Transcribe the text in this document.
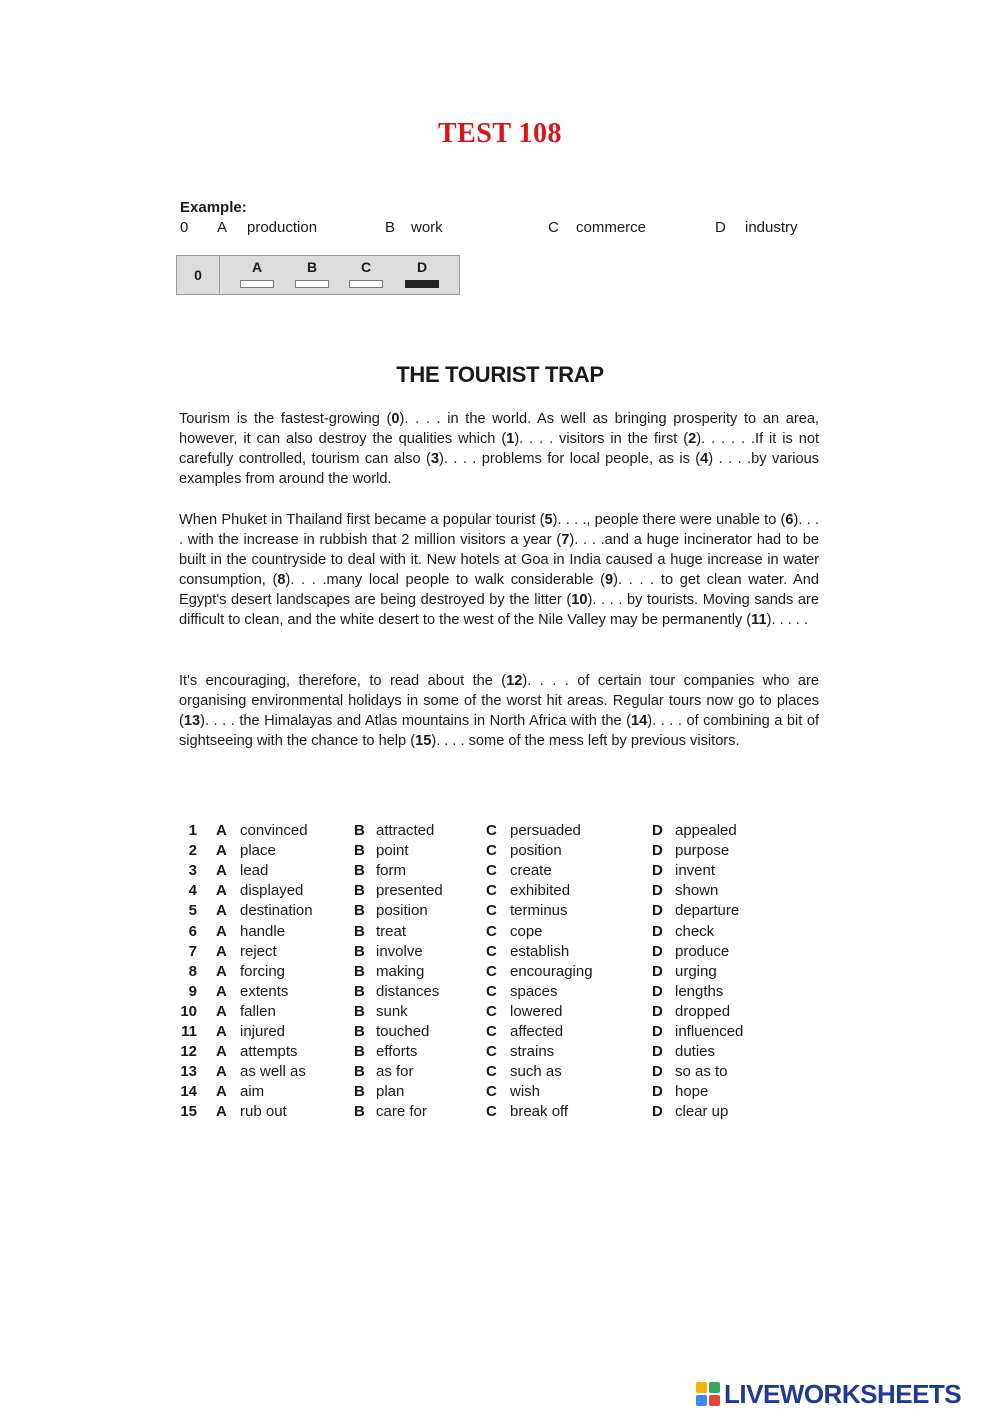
TEST 108
Example:
0 A production	B work	C commerce	D industry
0	A	B	C	D
THE TOURIST TRAP
Tourism is the fastest-growing (0). . . . in the world. As well as bringing prosperity to an area, however, it can also destroy the qualities which (1). . . . visitors in the first (2). . . . . .If it is not carefully controlled, tourism can also (3). . . . problems for local people, as is (4) . . . .by various examples from around the world.
When Phuket in Thailand first became a popular tourist (5). . . ., people there were unable to (6). . . . with the increase in rubbish that 2 million visitors a year (7). . . .and a huge incinerator had to be built in the countryside to deal with it. New hotels at Goa in India caused a huge increase in water consumption, (8). . . .many local people to walk considerable (9). . . . to get clean water. And Egypt's desert landscapes are being destroyed by the litter (10). . . . by tourists. Moving sands are difficult to clean, and the white desert to the west of the Nile Valley may be permanently (11). . . . .
It's encouraging, therefore, to read about the (12). . . . of certain tour companies who are organising environmental holidays in some of the worst hit areas. Regular tours now go to places (13). . . . the Himalayas and Atlas mountains in North Africa with the (14). . . . of combining a bit of sightseeing with the chance to help (15). . . . some of the mess left by previous visitors.
1 A convinced	B attracted	C persuaded	D appealed
2 A place	B point	C position	D purpose
3 A lead	B form	C create	D invent
4 A displayed	B presented	C exhibited	D shown
5 A destination	B position	C terminus	D departure
6 A handle	B treat	C cope	D check
7 A reject	B involve	C establish	D produce
8 A forcing	B making	C encouraging	D urging
9 A extents	B distances	C spaces	D lengths
10 A fallen	B sunk	C lowered	D dropped
11 A injured	B touched	C affected	D influenced
12 A attempts	B efforts	C strains	D duties
13 A as well as	B as for	C such as	D so as to
14 A aim	B plan	C wish	D hope
15 A rub out	B care for	C break off	D clear up
LIVEWORKSHEETS
